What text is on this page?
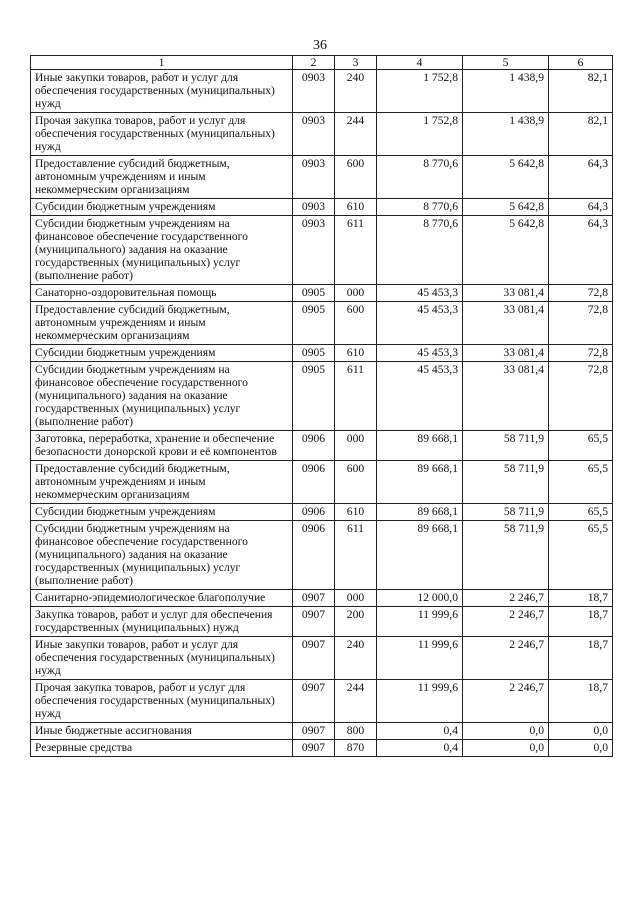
36
1	2	3	4	5	6
Иные закупки товаров, работ и услуг для обеспечения государственных (муниципальных) нужд	0903	240	1 752,8	1 438,9	82,1
Прочая закупка товаров, работ и услуг для обеспечения государственных (муниципальных) нужд	0903	244	1 752,8	1 438,9	82,1
Предоставление субсидий бюджетным, автономным учреждениям и иным некоммерческим организациям	0903	600	8 770,6	5 642,8	64,3
Субсидии бюджетным учреждениям	0903	610	8 770,6	5 642,8	64,3
Субсидии бюджетным учреждениям на финансовое обеспечение государственного (муниципального) задания на оказание государственных (муниципальных) услуг (выполнение работ)	0903	611	8 770,6	5 642,8	64,3
Санаторно-оздоровительная помощь	0905	000	45 453,3	33 081,4	72,8
Предоставление субсидий бюджетным, автономным учреждениям и иным некоммерческим организациям	0905	600	45 453,3	33 081,4	72,8
Субсидии бюджетным учреждениям	0905	610	45 453,3	33 081,4	72,8
Субсидии бюджетным учреждениям на финансовое обеспечение государственного (муниципального) задания на оказание государственных (муниципальных) услуг (выполнение работ)	0905	611	45 453,3	33 081,4	72,8
Заготовка, переработка, хранение и обеспечение безопасности донорской крови и её компонентов	0906	000	89 668,1	58 711,9	65,5
Предоставление субсидий бюджетным, автономным учреждениям и иным некоммерческим организациям	0906	600	89 668,1	58 711,9	65,5
Субсидии бюджетным учреждениям	0906	610	89 668,1	58 711,9	65,5
Субсидии бюджетным учреждениям на финансовое обеспечение государственного (муниципального) задания на оказание государственных (муниципальных) услуг (выполнение работ)	0906	611	89 668,1	58 711,9	65,5
Санитарно-эпидемиологическое благополучие	0907	000	12 000,0	2 246,7	18,7
Закупка товаров, работ и услуг для обеспечения государственных (муниципальных) нужд	0907	200	11 999,6	2 246,7	18,7
Иные закупки товаров, работ и услуг для обеспечения государственных (муниципальных) нужд	0907	240	11 999,6	2 246,7	18,7
Прочая закупка товаров, работ и услуг для обеспечения государственных (муниципальных) нужд	0907	244	11 999,6	2 246,7	18,7
Иные бюджетные ассигнования	0907	800	0,4	0,0	0,0
Резервные средства	0907	870	0,4	0,0	0,0
